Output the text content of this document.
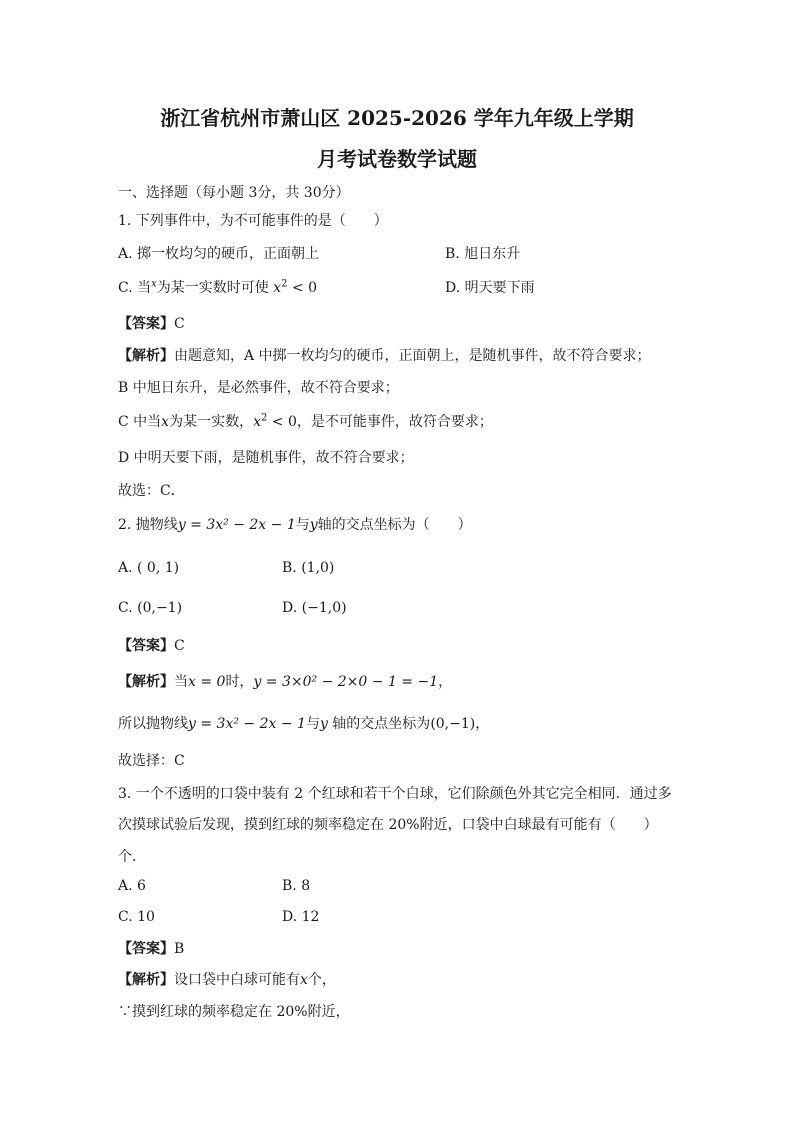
浙江省杭州市萧山区 2025-2026 学年九年级上学期
月考试卷数学试题
一、选择题（每小题 3分，共 30分）
1. 下列事件中，为不可能事件的是（　　）
A. 掷一枚均匀的硬币，正面朝上	B. 旭日东升
C. 当$^x$为某一实数时可使 $x^2 < 0$	D. 明天要下雨
【答案】C
【解析】由题意知，A 中掷一枚均匀的硬币，正面朝上，是随机事件，故不符合要求；
B 中旭日东升，是必然事件，故不符合要求；
C 中当x为某一实数，$x^2 < 0$，是不可能事件，故符合要求；
D 中明天要下雨，是随机事件，故不符合要求；
故选：C．
2. 抛物线y = 3x² − 2x − 1与y轴的交点坐标为（　　）
A. ( 0, 1)	B. (1,0)
C. (0,−1)	D. (−1,0)
【答案】C
【解析】当x = 0时，y = 3×0² − 2×0 − 1 = −1，
所以抛物线y = 3x² − 2x − 1与y 轴的交点坐标为(0,−1)，
故选择：C
3. 一个不透明的口袋中装有 2 个红球和若干个白球，它们除颜色外其它完全相同．通过多
次摸球试验后发现，摸到红球的频率稳定在 20%附近，口袋中白球最有可能有（　　）
个．
A. 6	B. 8
C. 10	D. 12
【答案】B
【解析】设口袋中白球可能有x个，
∵摸到红球的频率稳定在 20%附近，
